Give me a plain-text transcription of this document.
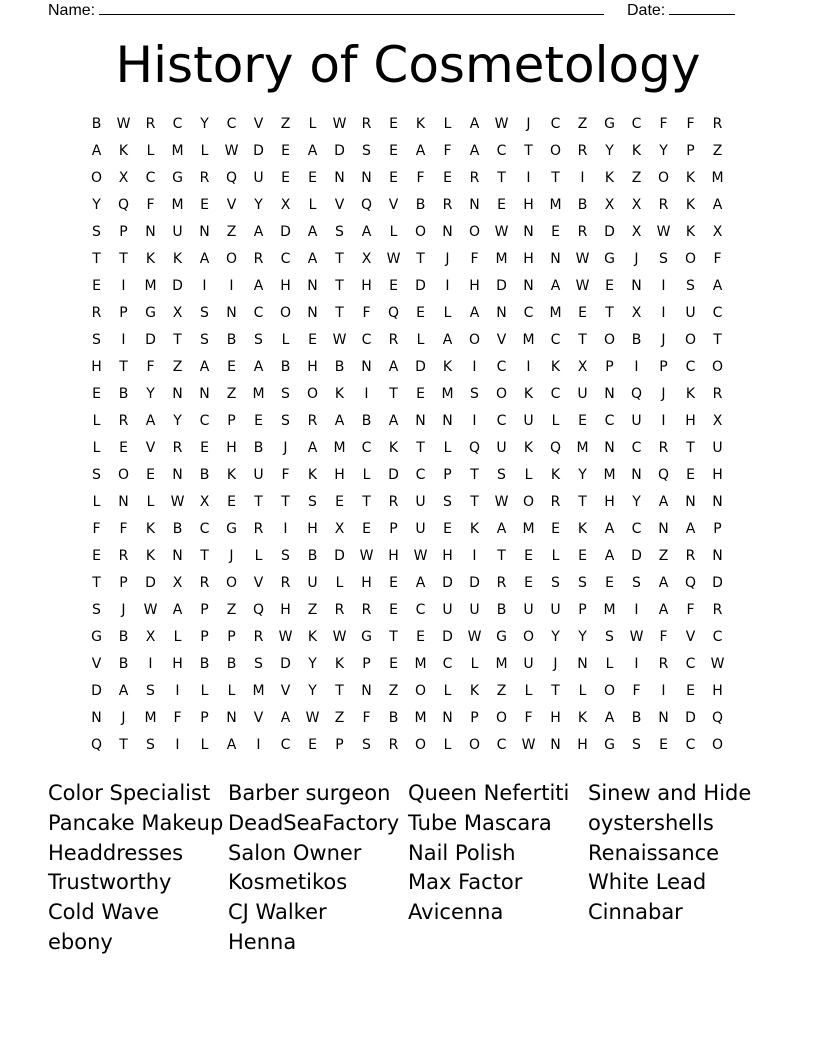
Name:	Date:
History of Cosmetology
B	W	R	C	Y	C	V	Z	L	W	R	E	K	L	A	W	J	C	Z	G	C	F	F	R
A	K	L	M	L	W	D	E	A	D	S	E	A	F	A	C	T	O	R	Y	K	Y	P	Z
O	X	C	G	R	Q	U	E	E	N	N	E	F	E	R	T	I	T	I	K	Z	O	K	M
Y	Q	F	M	E	V	Y	X	L	V	Q	V	B	R	N	E	H	M	B	X	X	R	K	A
S	P	N	U	N	Z	A	D	A	S	A	L	O	N	O	W	N	E	R	D	X	W	K	X
T	T	K	K	A	O	R	C	A	T	X	W	T	J	F	M	H	N	W	G	J	S	O	F
E	I	M	D	I	I	A	H	N	T	H	E	D	I	H	D	N	A	W	E	N	I	S	A
R	P	G	X	S	N	C	O	N	T	F	Q	E	L	A	N	C	M	E	T	X	I	U	C
S	I	D	T	S	B	S	L	E	W	C	R	L	A	O	V	M	C	T	O	B	J	O	T
H	T	F	Z	A	E	A	B	H	B	N	A	D	K	I	C	I	K	X	P	I	P	C	O
E	B	Y	N	N	Z	M	S	O	K	I	T	E	M	S	O	K	C	U	N	Q	J	K	R
L	R	A	Y	C	P	E	S	R	A	B	A	N	N	I	C	U	L	E	C	U	I	H	X
L	E	V	R	E	H	B	J	A	M	C	K	T	L	Q	U	K	Q	M	N	C	R	T	U
S	O	E	N	B	K	U	F	K	H	L	D	C	P	T	S	L	K	Y	M	N	Q	E	H
L	N	L	W	X	E	T	T	S	E	T	R	U	S	T	W	O	R	T	H	Y	A	N	N
F	F	K	B	C	G	R	I	H	X	E	P	U	E	K	A	M	E	K	A	C	N	A	P
E	R	K	N	T	J	L	S	B	D	W	H	W	H	I	T	E	L	E	A	D	Z	R	N
T	P	D	X	R	O	V	R	U	L	H	E	A	D	D	R	E	S	S	E	S	A	Q	D
S	J	W	A	P	Z	Q	H	Z	R	R	E	C	U	U	B	U	U	P	M	I	A	F	R
G	B	X	L	P	P	R	W	K	W	G	T	E	D	W	G	O	Y	Y	S	W	F	V	C
V	B	I	H	B	B	S	D	Y	K	P	E	M	C	L	M	U	J	N	L	I	R	C	W
D	A	S	I	L	L	M	V	Y	T	N	Z	O	L	K	Z	L	T	L	O	F	I	E	H
N	J	M	F	P	N	V	A	W	Z	F	B	M	N	P	O	F	H	K	A	B	N	D	Q
Q	T	S	I	L	A	I	C	E	P	S	R	O	L	O	C	W	N	H	G	S	E	C	O
Color Specialist
Pancake Makeup
Headdresses
Trustworthy
Cold Wave
ebony
Barber surgeon
DeadSeaFactory
Salon Owner
Kosmetikos
CJ Walker
Henna
Queen Nefertiti
Tube Mascara
Nail Polish
Max Factor
Avicenna
Sinew and Hide
oystershells
Renaissance
White Lead
Cinnabar
